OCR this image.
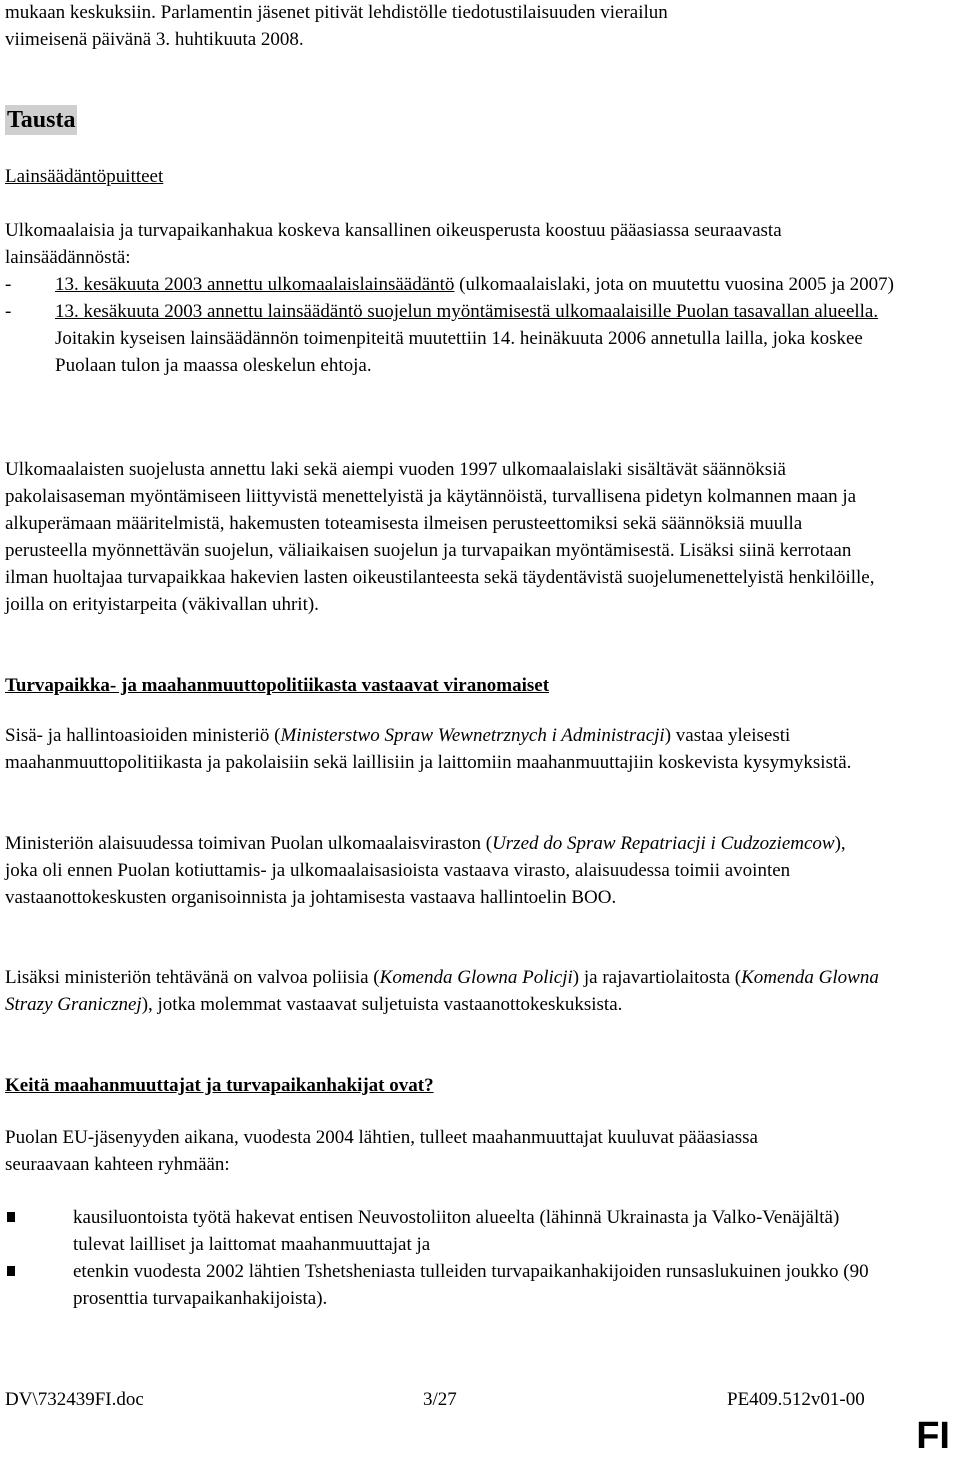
mukaan keskuksiin. Parlamentin jäsenet pitivät lehdistölle tiedotustilaisuuden vierailun

viimeisenä päivänä 3. huhtikuuta 2008.

Tausta

Lainsäädäntöpuitteet

Ulkomaalaisia ja turvapaikanhakua koskeva kansallinen oikeusperusta koostuu pääasiassa seuraavasta lainsäädännöstä:

- 13. kesäkuuta 2003 annettu ulkomaalaislainsäädäntö (ulkomaalaislaki, jota on muutettu vuosina 2005 ja 2007)
- 13. kesäkuuta 2003 annettu lainsäädäntö suojelun myöntämisestä ulkomaalaisille Puolan tasavallan alueella. Joitakin kyseisen lainsäädännön toimenpiteitä muutettiin 14. heinäkuuta 2006 annetulla lailla, joka koskee Puolaan tulon ja maassa oleskelun ehtoja.

Ulkomaalaisten suojelusta annettu laki sekä aiempi vuoden 1997 ulkomaalaislaki sisältävät säännöksiä pakolaisaseman myöntämiseen liittyvistä menettelyistä ja käytännöistä, turvallisena pidetyn kolmannen maan ja alkuperämaan määritelmistä, hakemusten toteamisesta ilmeisen perusteettomiksi sekä säännöksiä muulla perusteella myönnettävän suojelun, väliaikaisen suojelun ja turvapaikan myöntämisestä. Lisäksi siinä kerrotaan ilman huoltajaa turvapaikkaa hakevien lasten oikeustilanteesta sekä täydentävistä suojelumenettelyistä henkilöille, joilla on erityistarpeita (väkivallan uhrit).

Turvapaikka- ja maahanmuuttopolitiikasta vastaavat viranomaiset

Sisä- ja hallintoasioiden ministeriö (Ministerstwo Spraw Wewnetrznych i Administracji) vastaa yleisesti maahanmuuttopolitiikasta ja pakolaisiin sekä laillisiin ja laittomiin maahanmuuttajiin koskevista kysymyksistä.

Ministeriön alaisuudessa toimivan Puolan ulkomaalaisviraston (Urzed do Spraw Repatriacji i Cudzoziemcow), joka oli ennen Puolan kotiuttamis- ja ulkomaalaisasioista vastaava virasto, alaisuudessa toimii avointen vastaanottokeskusten organisoinnista ja johtamisesta vastaava hallintoelin BOO.

Lisäksi ministeriön tehtävänä on valvoa poliisia (Komenda Glowna Policji) ja rajavartiolaitosta (Komenda Glowna Strazy Granicznej), jotka molemmat vastaavat suljetuista vastaanottokeskuksista.

Keitä maahanmuuttajat ja turvapaikanhakijat ovat?

Puolan EU-jäsenyyden aikana, vuodesta 2004 lähtien, tulleet maahanmuuttajat kuuluvat pääasiassa seuraavaan kahteen ryhmään:

kausiluontoista työtä hakevat entisen Neuvostoliiton alueelta (lähinnä Ukrainasta ja Valko-Venäjältä) tulevat lailliset ja laittomat maahanmuuttajat ja
etenkin vuodesta 2002 lähtien Tshetsheniasta tulleiden turvapaikanhakijoiden runsaslukuinen joukko (90 prosenttia turvapaikanhakijoista).
DV\732439FI.doc	3/27	PE409.512v01-00
FI
